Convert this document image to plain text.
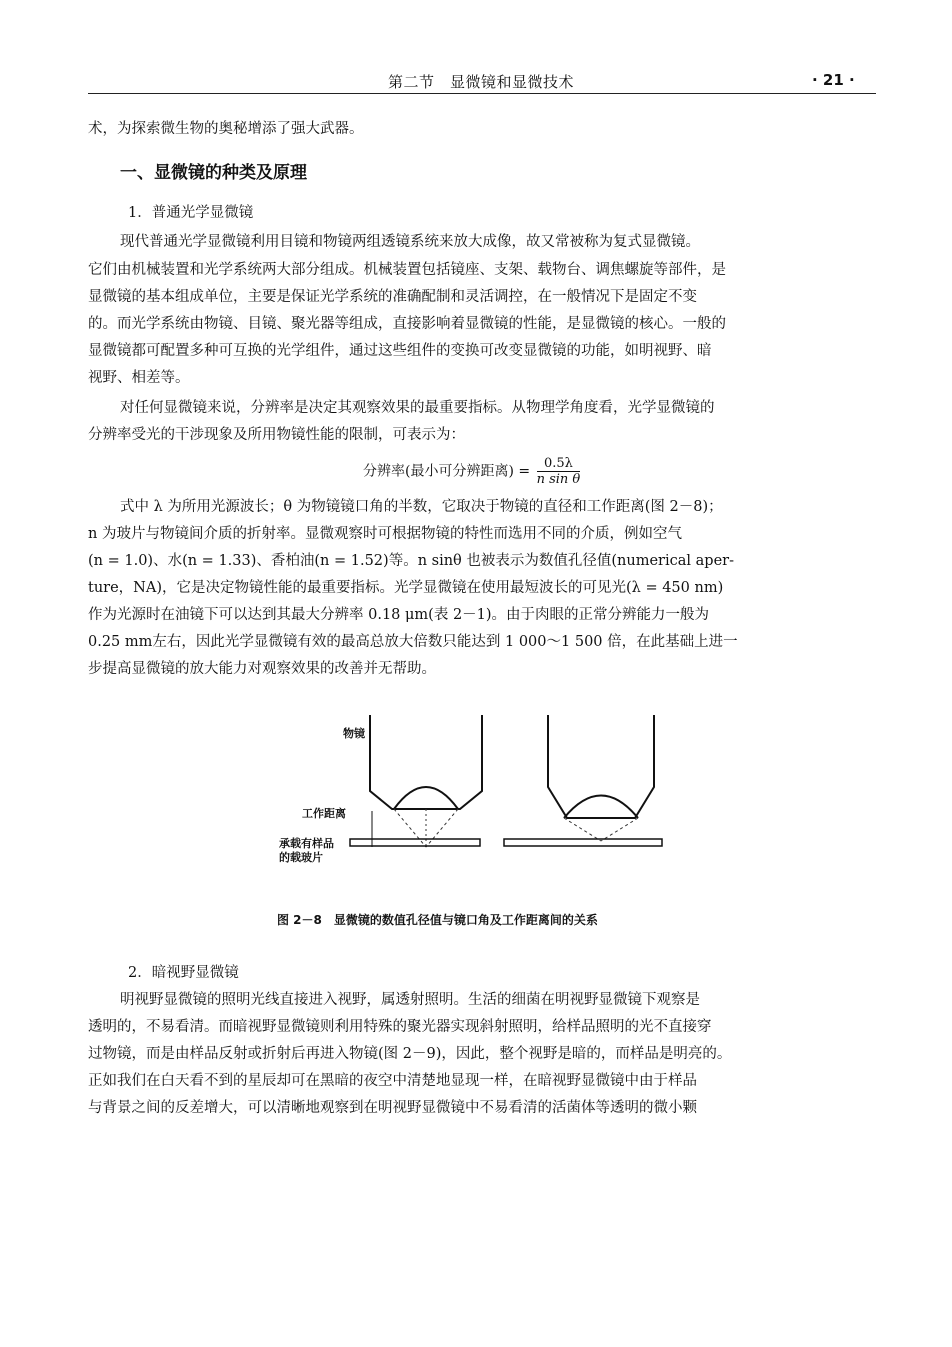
第二节　显微镜和显微技术	· 21 ·
术，为探索微生物的奥秘增添了强大武器。
一、显微镜的种类及原理
1．普通光学显微镜
现代普通光学显微镜利用目镜和物镜两组透镜系统来放大成像，故又常被称为复式显微镜。
它们由机械装置和光学系统两大部分组成。机械装置包括镜座、支架、载物台、调焦螺旋等部件，是
显微镜的基本组成单位，主要是保证光学系统的准确配制和灵活调控，在一般情况下是固定不变
的。而光学系统由物镜、目镜、聚光器等组成，直接影响着显微镜的性能，是显微镜的核心。一般的
显微镜都可配置多种可互换的光学组件，通过这些组件的变换可改变显微镜的功能，如明视野、暗
视野、相差等。
对任何显微镜来说，分辨率是决定其观察效果的最重要指标。从物理学角度看，光学显微镜的
分辨率受光的干涉现象及所用物镜性能的限制，可表示为：
分辨率(最小可分辨距离) = $\frac{0.5\lambda}{\text{n sin θ}}$
式中 λ 为所用光源波长；θ 为物镜镜口角的半数，它取决于物镜的直径和工作距离(图 2－8)；
n 为玻片与物镜间介质的折射率。显微观察时可根据物镜的特性而选用不同的介质，例如空气
(n = 1.0)、水(n = 1.33)、香柏油(n = 1.52)等。n sinθ 也被表示为数值孔径值(numerical aper-
ture，NA)，它是决定物镜性能的最重要指标。光学显微镜在使用最短波长的可见光(λ = 450 nm)
作为光源时在油镜下可以达到其最大分辨率 0.18 μm(表 2－1)。由于肉眼的正常分辨能力一般为
0.25 mm左右，因此光学显微镜有效的最高总放大倍数只能达到 1 000～1 500 倍，在此基础上进一
步提高显微镜的放大能力对观察效果的改善并无帮助。
物镜
工作距离
承载有样品
的载玻片
图 2－8　显微镜的数值孔径值与镜口角及工作距离间的关系
2．暗视野显微镜
明视野显微镜的照明光线直接进入视野，属透射照明。生活的细菌在明视野显微镜下观察是
透明的，不易看清。而暗视野显微镜则利用特殊的聚光器实现斜射照明，给样品照明的光不直接穿
过物镜，而是由样品反射或折射后再进入物镜(图 2－9)，因此，整个视野是暗的，而样品是明亮的。
正如我们在白天看不到的星辰却可在黑暗的夜空中清楚地显现一样，在暗视野显微镜中由于样品
与背景之间的反差增大，可以清晰地观察到在明视野显微镜中不易看清的活菌体等透明的微小颗
